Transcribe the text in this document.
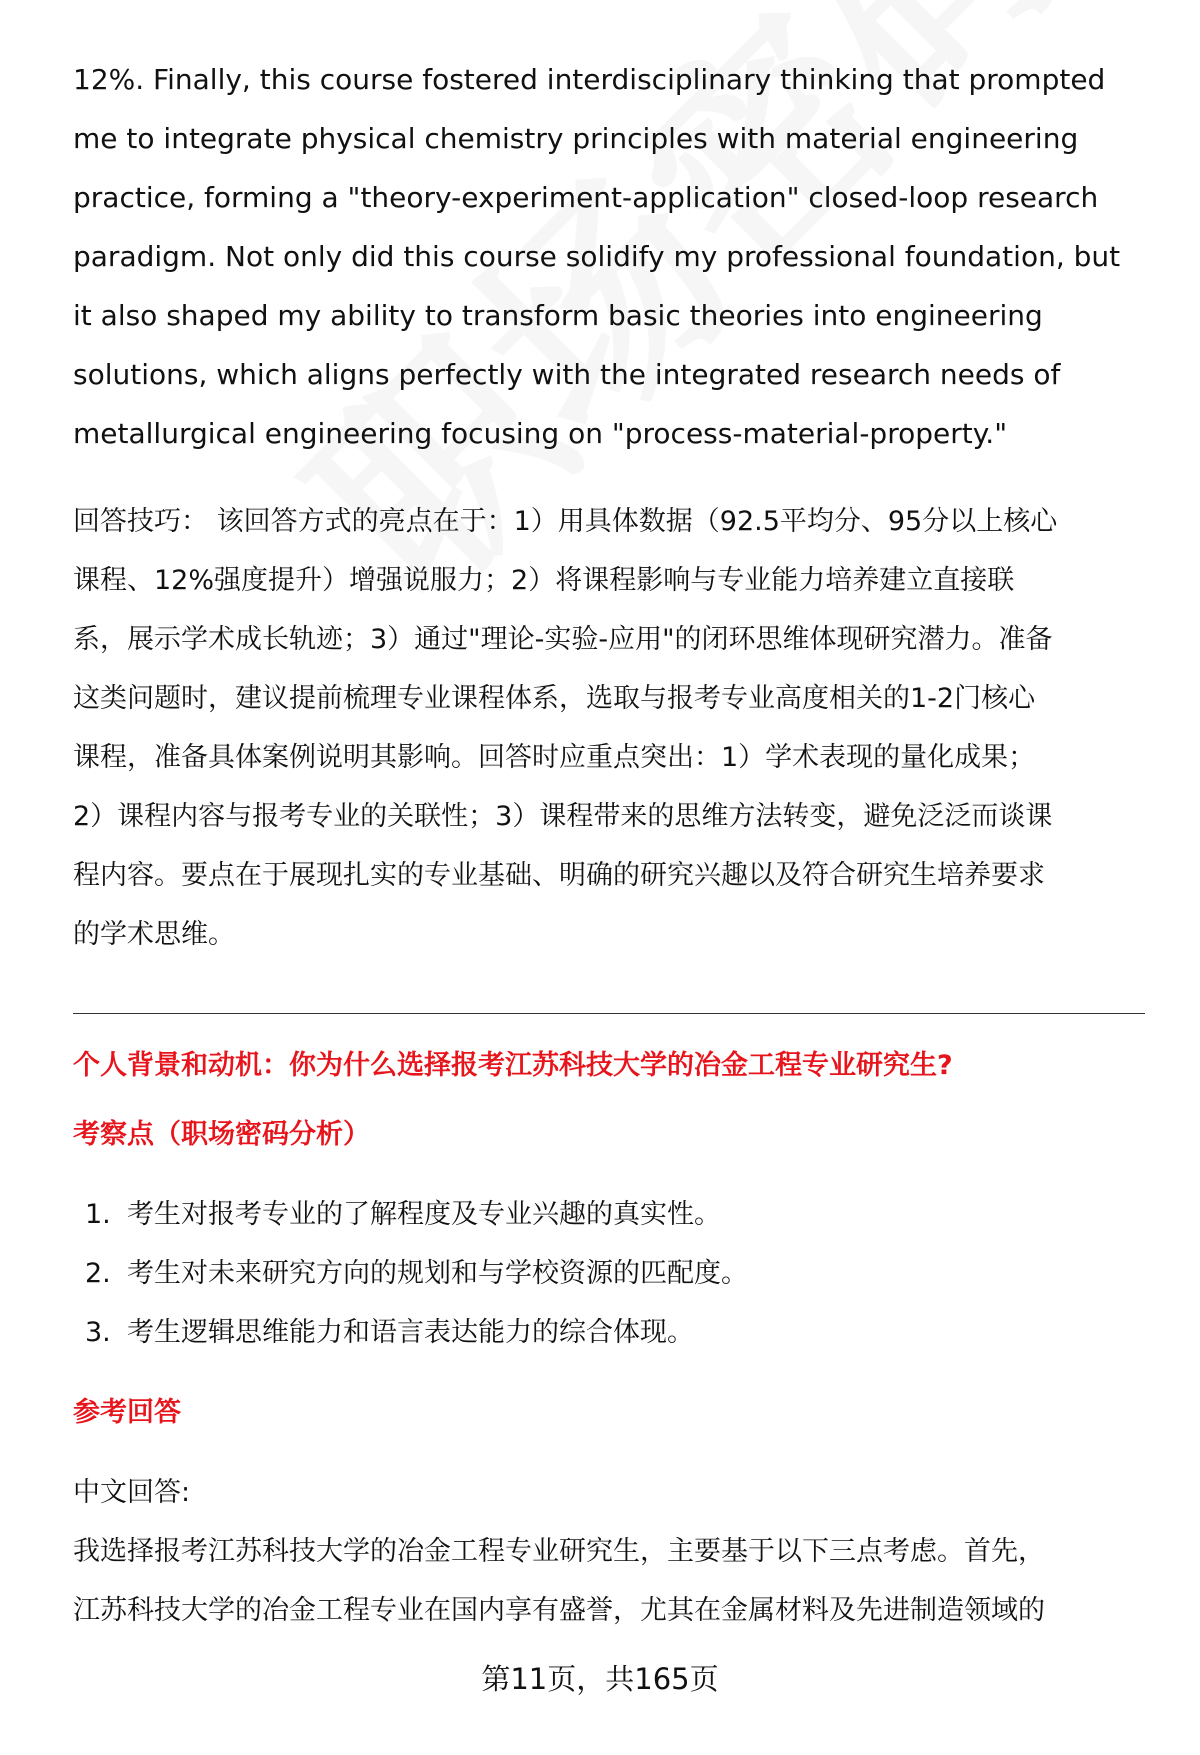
12%. Finally, this course fostered interdisciplinary thinking that prompted
me to integrate physical chemistry principles with material engineering
practice, forming a "theory-experiment-application" closed-loop research
paradigm. Not only did this course solidify my professional foundation, but
it also shaped my ability to transform basic theories into engineering
solutions, which aligns perfectly with the integrated research needs of
metallurgical engineering focusing on "process-material-property."
回答技巧： 该回答方式的亮点在于：1）用具体数据（92.5平均分、95分以上核心
课程、12%强度提升）增强说服力；2）将课程影响与专业能力培养建立直接联
系，展示学术成长轨迹；3）通过"理论-实验-应用"的闭环思维体现研究潜力。准备
这类问题时，建议提前梳理专业课程体系，选取与报考专业高度相关的1-2门核心
课程，准备具体案例说明其影响。回答时应重点突出：1）学术表现的量化成果；
2）课程内容与报考专业的关联性；3）课程带来的思维方法转变，避免泛泛而谈课
程内容。要点在于展现扎实的专业基础、明确的研究兴趣以及符合研究生培养要求
的学术思维。
个人背景和动机：你为什么选择报考江苏科技大学的冶金工程专业研究生?
考察点（职场密码分析）
1. 考生对报考专业的了解程度及专业兴趣的真实性。
2. 考生对未来研究方向的规划和与学校资源的匹配度。
3. 考生逻辑思维能力和语言表达能力的综合体现。
参考回答
中文回答:
我选择报考江苏科技大学的冶金工程专业研究生，主要基于以下三点考虑。首先，
江苏科技大学的冶金工程专业在国内享有盛誉，尤其在金属材料及先进制造领域的
第11页，共165页
